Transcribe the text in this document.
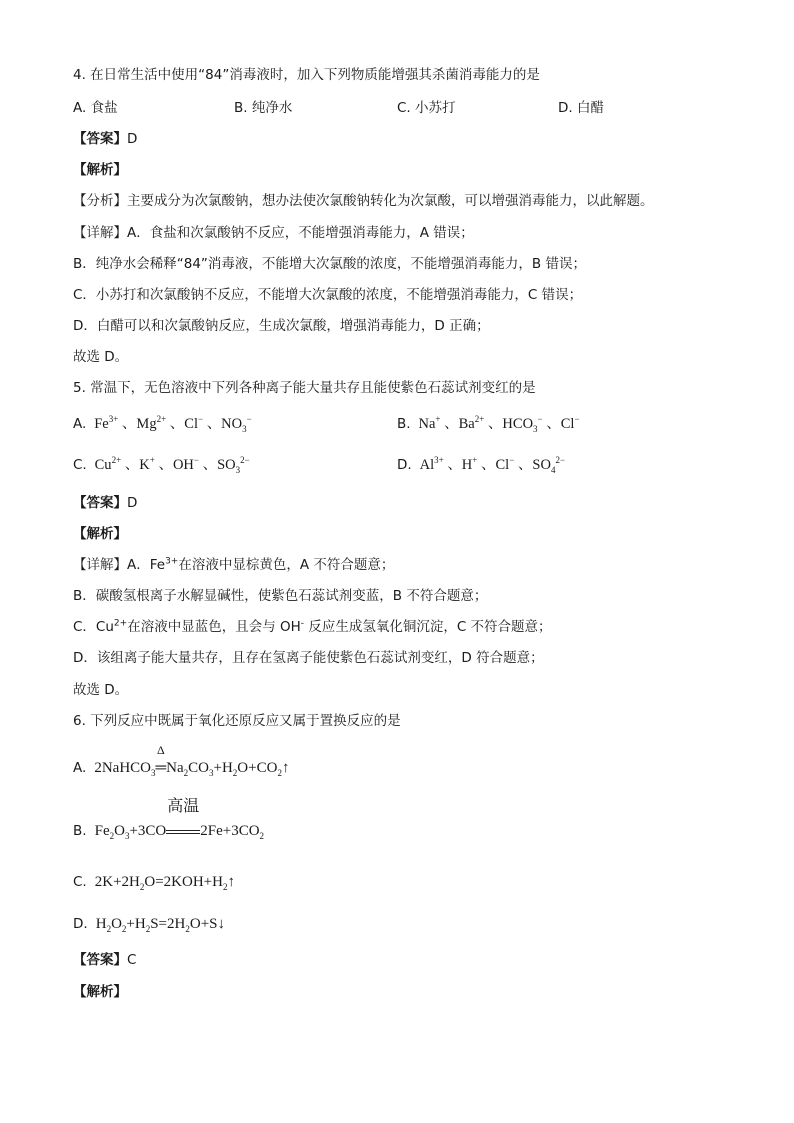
4. 在日常生活中使用“84”消毒液时，加入下列物质能增强其杀菌消毒能力的是
A. 食盐	B. 纯净水	C. 小苏打	D. 白醋
【答案】D
【解析】
【分析】主要成分为次氯酸钠，想办法使次氯酸钠转化为次氯酸，可以增强消毒能力，以此解题。
【详解】A．食盐和次氯酸钠不反应，不能增强消毒能力，A 错误；
B．纯净水会稀释“84”消毒液，不能增大次氯酸的浓度，不能增强消毒能力，B 错误；
C．小苏打和次氯酸钠不反应，不能增大次氯酸的浓度，不能增强消毒能力，C 错误；
D．白醋可以和次氯酸钠反应，生成次氯酸，增强消毒能力，D 正确；
故选 D。
5. 常温下，无色溶液中下列各种离子能大量共存且能使紫色石蕊试剂变红的是
A.  $Fe^{3+}$ 、$Mg^{2+}$ 、Cl− 、$NO_3^-$	B.  Na+ 、$Ba^{2+}$ 、$HCO_3^-$ 、Cl−
C.  $Cu^{2+}$ 、K+ 、OH− 、$SO_3^{2-}$	D.  $Al^{3+}$ 、H+ 、Cl− 、$SO_4^{2-}$
【答案】D
【解析】
【详解】A．$Fe^{3+}$在溶液中显棕黄色，A 不符合题意；
B．碳酸氢根离子水解显碱性，使紫色石蕊试剂变蓝，B 不符合题意；
C．$Cu^{2+}$在溶液中显蓝色，且会与 OH- 反应生成氢氧化铜沉淀，C 不符合题意；
D．该组离子能大量共存，且存在氢离子能使紫色石蕊试剂变红，D 符合题意；
故选 D。
6. 下列反应中既属于氧化还原反应又属于置换反应的是
A.  2NaHCO$_3$
Δ
$═Na_2CO_3+H_2O+CO_2↑$
B.  $Fe_2O_3+3CO$
高温
$2Fe+3CO_2$
C.  $2K+2H_2O=2KOH+H_2↑$
D.  $H_2O_2+H_2S=2H_2O+S↓$
【答案】C
【解析】
